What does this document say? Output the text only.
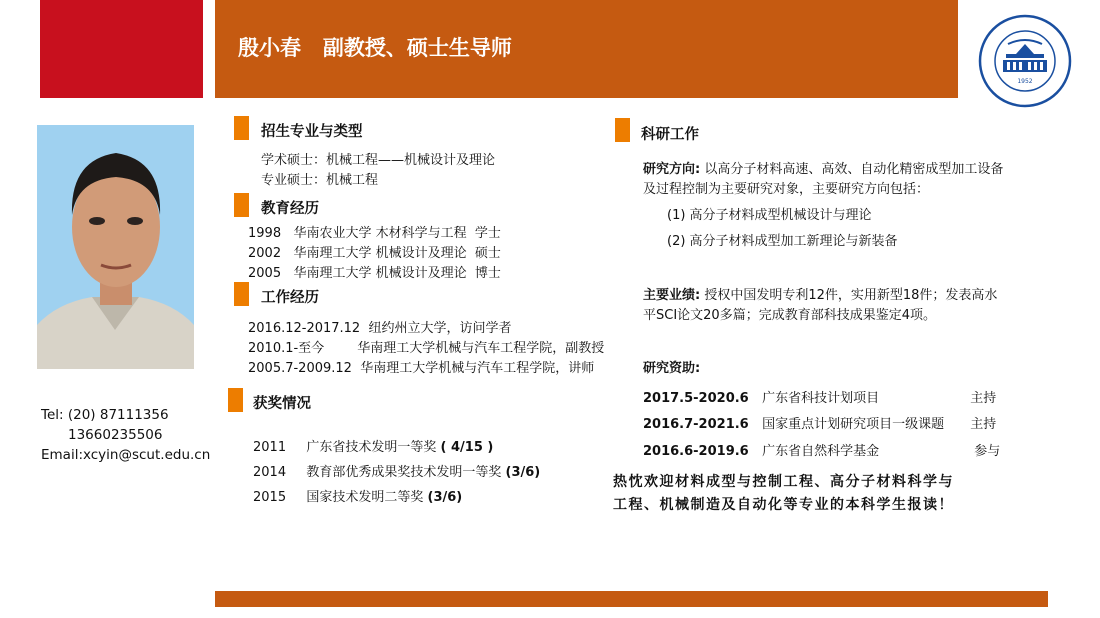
殷小春   副教授、硕士生导师
1952
Tel: (20) 87111356
13660235506
Email:xcyin@scut.edu.cn
招生专业与类型
学术硕士：机械工程——机械设计及理论
专业硕士：机械工程
教育经历
1998   华南农业大学 木材科学与工程  学士
2002   华南理工大学 机械设计及理论  硕士
2005   华南理工大学 机械设计及理论  博士
工作经历
2016.12-2017.12  纽约州立大学，访问学者
2010.1-至今        华南理工大学机械与汽车工程学院，副教授
2005.7-2009.12  华南理工大学机械与汽车工程学院，讲师
获奖情况
2011 广东省技术发明一等奖 ( 4/15 )
2014 教育部优秀成果奖技术发明一等奖 (3/6)
2015 国家技术发明二等奖 (3/6)
科研工作
研究方向: 以高分子材料高速、高效、自动化精密成型加工设备
及过程控制为主要研究对象，主要研究方向包括：
(1) 高分子材料成型机械设计与理论
(2) 高分子材料成型加工新理论与新装备
主要业绩: 授权中国发明专利12件，实用新型18件；发表高水
平SCI论文20多篇；完成教育部科技成果鉴定4项。
研究资助:
2017.5-2020.6 广东省科技计划项目	主持
2016.7-2021.6 国家重点计划研究项目一级课题 主持
2016.6-2019.6 广东省自然科学基金	参与
热忱欢迎材料成型与控制工程、高分子材料科学与
工程、机械制造及自动化等专业的本科学生报读！
